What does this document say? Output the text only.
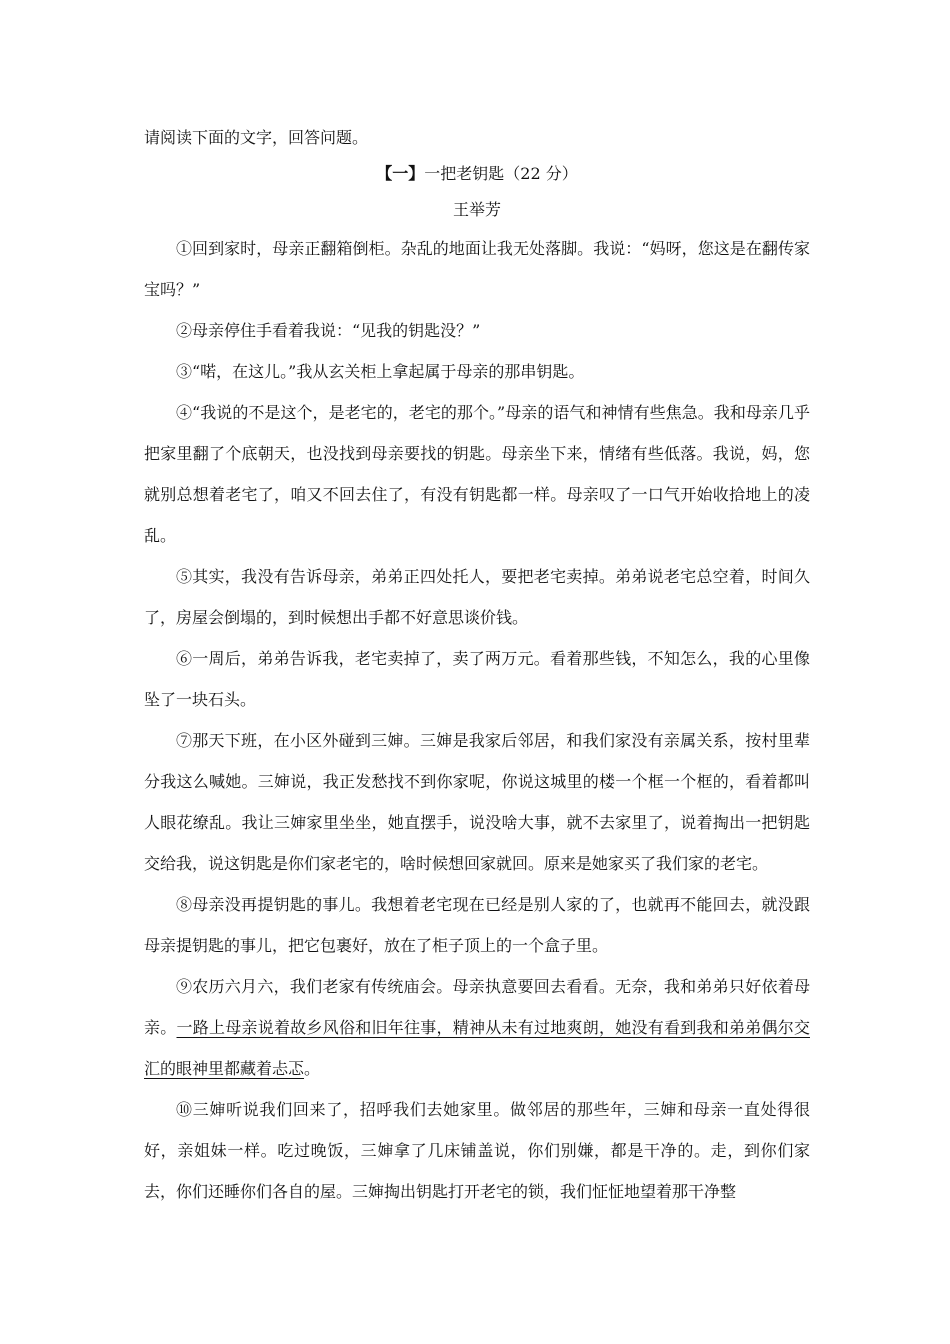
请阅读下面的文字，回答问题。

【一】一把老钥匙（22 分）

王举芳

①回到家时，母亲正翻箱倒柜。杂乱的地面让我无处落脚。我说：“妈呀，您这是在翻传家宝吗？”

②母亲停住手看着我说：“见我的钥匙没？”

③“喏，在这儿。”我从玄关柜上拿起属于母亲的那串钥匙。

④“我说的不是这个，是老宅的，老宅的那个。”母亲的语气和神情有些焦急。我和母亲几乎把家里翻了个底朝天，也没找到母亲要找的钥匙。母亲坐下来，情绪有些低落。我说，妈，您就别总想着老宅了，咱又不回去住了，有没有钥匙都一样。母亲叹了一口气开始收拾地上的凌乱。

⑤其实，我没有告诉母亲，弟弟正四处托人，要把老宅卖掉。弟弟说老宅总空着，时间久了，房屋会倒塌的，到时候想出手都不好意思谈价钱。

⑥一周后，弟弟告诉我，老宅卖掉了，卖了两万元。看着那些钱，不知怎么，我的心里像坠了一块石头。

⑦那天下班，在小区外碰到三婶。三婶是我家后邻居，和我们家没有亲属关系，按村里辈分我这么喊她。三婶说，我正发愁找不到你家呢，你说这城里的楼一个框一个框的，看着都叫人眼花缭乱。我让三婶家里坐坐，她直摆手，说没啥大事，就不去家里了，说着掏出一把钥匙交给我，说这钥匙是你们家老宅的，啥时候想回家就回。原来是她家买了我们家的老宅。

⑧母亲没再提钥匙的事儿。我想着老宅现在已经是别人家的了，也就再不能回去，就没跟母亲提钥匙的事儿，把它包裹好，放在了柜子顶上的一个盒子里。

⑨农历六月六，我们老家有传统庙会。母亲执意要回去看看。无奈，我和弟弟只好依着母亲。一路上母亲说着故乡风俗和旧年往事，精神从未有过地爽朗，她没有看到我和弟弟偶尔交汇的眼神里都藏着忐忑。

⑩三婶听说我们回来了，招呼我们去她家里。做邻居的那些年，三婶和母亲一直处得很好，亲姐妹一样。吃过晚饭，三婶拿了几床铺盖说，你们别嫌，都是干净的。走，到你们家去，你们还睡你们各自的屋。三婶掏出钥匙打开老宅的锁，我们怔怔地望着那干净整
